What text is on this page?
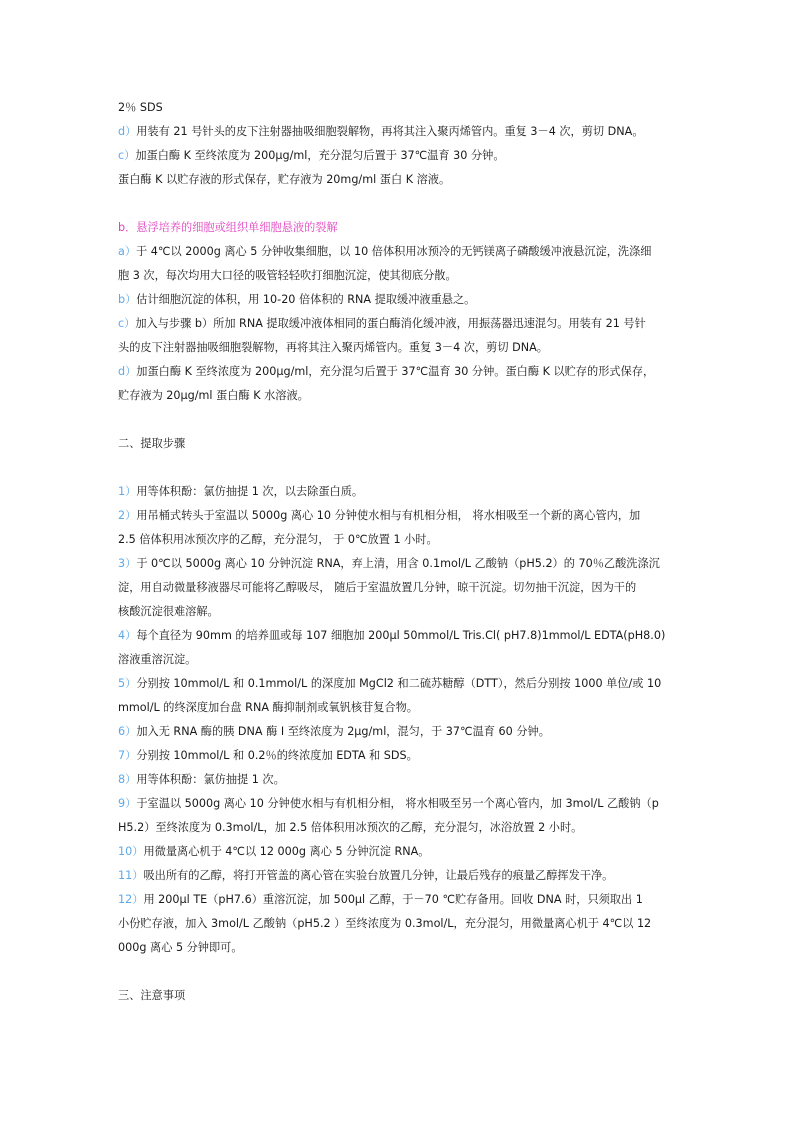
2％ SDS

d）用装有 21 号针头的皮下注射器抽吸细胞裂解物，再将其注入聚丙烯管内。重复 3－4 次，剪切 DNA。

c）加蛋白酶 K 至终浓度为 200μg/ml，充分混匀后置于 37℃温育 30 分钟。

蛋白酶 K 以贮存液的形式保存，贮存液为 20mg/ml 蛋白 K 溶液。

b．悬浮培养的细胞或组织单细胞悬液的裂解

a）于 4℃以 2000g 离心 5 分钟收集细胞，以 10 倍体积用冰预冷的无钙镁离子磷酸缓冲液悬沉淀，洗涤细

胞 3 次，每次均用大口径的吸管轻轻吹打细胞沉淀，使其彻底分散。

b）估计细胞沉淀的体积，用 10-20 倍体积的 RNA 提取缓冲液重悬之。

c）加入与步骤 b）所加 RNA 提取缓冲液体相同的蛋白酶消化缓冲液，用振荡器迅速混匀。用装有 21 号针

头的皮下注射器抽吸细胞裂解物，再将其注入聚丙烯管内。重复 3－4 次，剪切 DNA。

d）加蛋白酶 K 至终浓度为 200μg/ml，充分混匀后置于 37℃温育 30 分钟。蛋白酶 K 以贮存的形式保存，

贮存液为 20μg/ml 蛋白酶 K 水溶液。

二、提取步骤

1）用等体积酚：氯仿抽提 1 次，以去除蛋白质。

2）用吊桶式转头于室温以 5000g 离心 10 分钟使水相与有机相分相， 将水相吸至一个新的离心管内，加

2.5 倍体积用冰预次序的乙醇，充分混匀， 于 0℃放置 1 小时。

3）于 0℃以 5000g 离心 10 分钟沉淀 RNA，弃上清，用含 0.1mol/L 乙酸钠（pH5.2）的 70％乙酸洗涤沉

淀，用自动微量移液器尽可能将乙醇吸尽， 随后于室温放置几分钟，晾干沉淀。切勿抽干沉淀，因为干的

核酸沉淀很难溶解。

4）每个直径为 90mm 的培养皿或每 107 细胞加 200μl 50mmol/L Tris.Cl( pH7.8)1mmol/L EDTA(pH8.0)

溶液重溶沉淀。

5）分别按 10mmol/L 和 0.1mmol/L 的深度加 MgCl2 和二硫苏糖醇（DTT），然后分别按 1000 单位/或 10

mmol/L 的终深度加台盘 RNA 酶抑制剂或氧钒核苷复合物。

6）加入无 RNA 酶的胰 DNA 酶 I 至终浓度为 2μg/ml，混匀，于 37℃温育 60 分钟。

7）分别按 10mmol/L 和 0.2％的终浓度加 EDTA 和 SDS。

8）用等体积酚：氯仿抽提 1 次。

9）于室温以 5000g 离心 10 分钟使水相与有机相分相， 将水相吸至另一个离心管内，加 3mol/L 乙酸钠（p

H5.2）至终浓度为 0.3mol/L，加 2.5 倍体积用冰预次的乙醇，充分混匀，冰浴放置 2 小时。

10）用微量离心机于 4℃以 12 000g 离心 5 分钟沉淀 RNA。

11）吸出所有的乙醇，将打开管盖的离心管在实验台放置几分钟，让最后残存的痕量乙醇挥发干净。

12）用 200μl TE（pH7.6）重溶沉淀，加 500μl 乙醇，于－70 ℃贮存备用。回收 DNA 时，只须取出 1

小份贮存液，加入 3mol/L 乙酸钠（pH5.2 ）至终浓度为 0.3mol/L，充分混匀，用微量离心机于 4℃以 12

000g 离心 5 分钟即可。

三、注意事项
